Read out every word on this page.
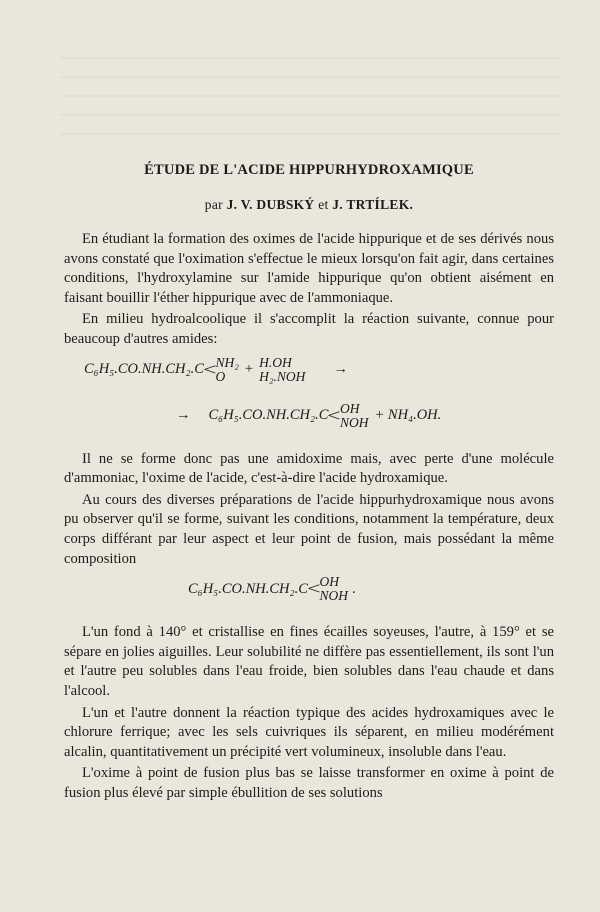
ÉTUDE DE L'ACIDE HIPPURHYDROXAMIQUE
par J. V. DUBSKÝ et J. TRTÍLEK.

En étudiant la formation des oximes de l'acide hippurique et de ses dérivés nous avons constaté que l'oximation s'effectue le mieux lorsqu'on fait agir, dans certaines conditions, l'hydroxylamine sur l'amide hippurique qu'on obtient aisément en faisant bouillir l'éther hippurique avec de l'ammoniaque.

En milieu hydroalcoolique il s'accomplit la réaction suivante, connue pour beaucoup d'autres amides:

C₆H₅.CO.NH.CH₂.C < NH₂
O	+ H.OH
H₂.NOH →
→ C₆H₅.CO.NH.CH₂.C < OH
NOH + NH₄.OH.

Il ne se forme donc pas une amidoxime mais, avec perte d'une molécule d'ammoniac, l'oxime de l'acide, c'est-à-dire l'acide hydroxamique.

Au cours des diverses préparations de l'acide hippurhydroxamique nous avons pu observer qu'il se forme, suivant les conditions, notamment la température, deux corps différant par leur aspect et leur point de fusion, mais possédant la même composition

C₆H₅.CO.NH.CH₂.C < OH
NOH .

L'un fond à 140° et cristallise en fines écailles soyeuses, l'autre, à 159° et se sépare en jolies aiguilles. Leur solubilité ne diffère pas essentiellement, ils sont l'un et l'autre peu solubles dans l'eau froide, bien solubles dans l'eau chaude et dans l'alcool.

L'un et l'autre donnent la réaction typique des acides hydroxamiques avec le chlorure ferrique; avec les sels cuivriques ils séparent, en milieu modérément alcalin, quantitativement un précipité vert volumineux, insoluble dans l'eau.

L'oxime à point de fusion plus bas se laisse transformer en oxime à point de fusion plus élevé par simple ébullition de ses solutions
